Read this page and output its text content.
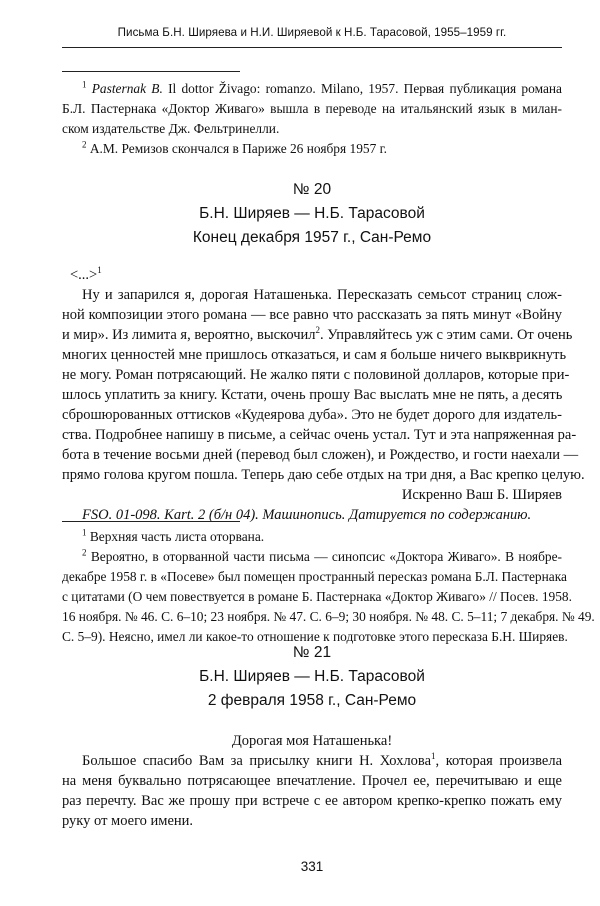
Письма Б.Н. Ширяева и Н.И. Ширяевой к Н.Б. Тарасовой, 1955–1959 гг.
$^1$ Pasternak B. Il dottor Živago: romanzo. Milano, 1957. Первая публикация романа
Б.Л. Пастернака «Доктор Живаго» вышла в переводе на итальянский язык в милан-
ском издательстве Дж. Фельтринелли.
$^2$ А.М. Ремизов скончался в Париже 26 ноября 1957 г.
№ 20
Б.Н. Ширяев — Н.Б. Тарасовой
Конец декабря 1957 г., Сан-Ремо
<...>$^1$
Ну и запарился я, дорогая Наташенька. Пересказать семьсот страниц слож-
ной композиции этого романа — все равно что рассказать за пять минут «Войну
и мир». Из лимита я, вероятно, выскочил$^2$. Управляйтесь уж с этим сами. От очень
многих ценностей мне пришлось отказаться, и сам я больше ничего выкврикнуть
не могу. Роман потрясающий. Не жалко пяти с половиной долларов, которые при-
шлось уплатить за книгу. Кстати, очень прошу Вас выслать мне не пять, а десять
сброшюрованных оттисков «Кудеярова дуба». Это не будет дорого для издатель-
ства. Подробнее напишу в письме, а сейчас очень устал. Тут и эта напряженная ра-
бота в течение восьми дней (перевод был сложен), и Рождество, и гости наехали —
прямо голова кругом пошла. Теперь даю себе отдых на три дня, а Вас крепко целую.
Искренно Ваш Б. Ширяев
FSO. 01-098. Kart. 2 (б/н 04). Машинопись. Датируется по содержанию.
$^1$ Верхняя часть листа оторвана.
$^2$ Вероятно, в оторванной части письма — синопсис «Доктора Живаго». В ноябре-
декабре 1958 г. в «Посеве» был помещен пространный пересказ романа Б.Л. Пастернака
с цитатами (О чем повествуется в романе Б. Пастернака «Доктор Живаго» // Посев. 1958.
16 ноября. № 46. С. 6–10; 23 ноября. № 47. С. 6–9; 30 ноября. № 48. С. 5–11; 7 декабря. № 49.
С. 5–9). Неясно, имел ли какое-то отношение к подготовке этого пересказа Б.Н. Ширяев.
№ 21
Б.Н. Ширяев — Н.Б. Тарасовой
2 февраля 1958 г., Сан-Ремо
Дорогая моя Наташенька!
Большое спасибо Вам за присылку книги Н. Хохлова$^1$, которая произвела
на меня буквально потрясающее впечатление. Прочел ее, перечитываю и еще
раз перечту. Вас же прошу при встрече с ее автором крепко-крепко пожать ему
руку от моего имени.
331
